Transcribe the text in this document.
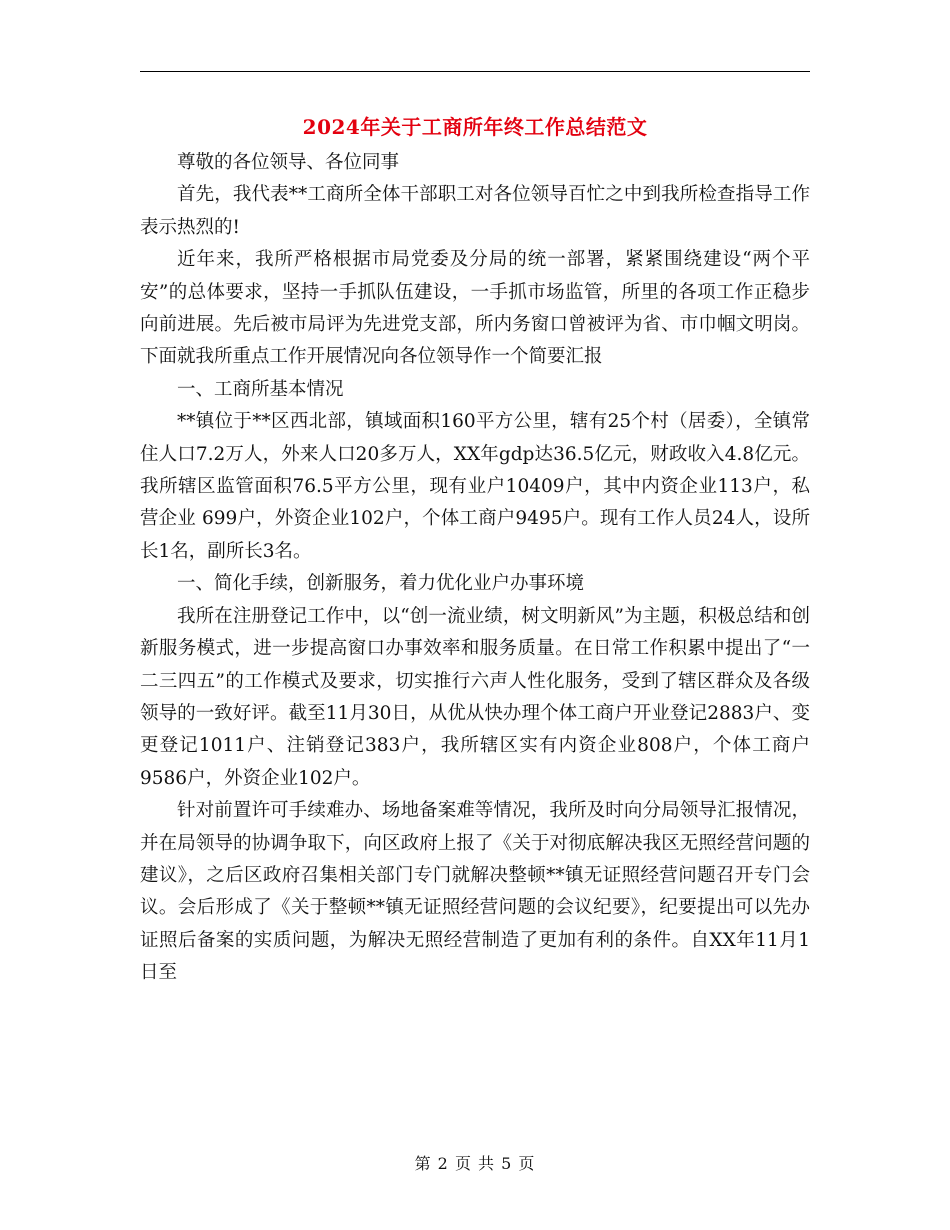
2024年关于工商所年终工作总结范文

尊敬的各位领导、各位同事

首先，我代表**工商所全体干部职工对各位领导百忙之中到我所检查指导工作表示热烈的!

近年来，我所严格根据市局党委及分局的统一部署，紧紧围绕建设“两个平安”的总体要求，坚持一手抓队伍建设，一手抓市场监管，所里的各项工作正稳步向前进展。先后被市局评为先进党支部，所内务窗口曾被评为省、市巾帼文明岗。下面就我所重点工作开展情况向各位领导作一个简要汇报

一、工商所基本情况

**镇位于**区西北部，镇域面积160平方公里，辖有25个村（居委），全镇常住人口7.2万人，外来人口20多万人，XX年gdp达36.5亿元，财政收入4.8亿元。我所辖区监管面积76.5平方公里，现有业户10409户，其中内资企业113户，私营企业 699户，外资企业102户，个体工商户9495户。现有工作人员24人，设所长1名，副所长3名。

一、简化手续，创新服务，着力优化业户办事环境

我所在注册登记工作中，以“创一流业绩，树文明新风”为主题，积极总结和创新服务模式，进一步提高窗口办事效率和服务质量。在日常工作积累中提出了“一二三四五”的工作模式及要求，切实推行六声人性化服务，受到了辖区群众及各级领导的一致好评。截至11月30日，从优从快办理个体工商户开业登记2883户、变更登记1011户、注销登记383户，我所辖区实有内资企业808户，个体工商户9586户，外资企业102户。

针对前置许可手续难办、场地备案难等情况，我所及时向分局领导汇报情况，并在局领导的协调争取下，向区政府上报了《关于对彻底解决我区无照经营问题的建议》，之后区政府召集相关部门专门就解决整顿**镇无证照经营问题召开专门会议。会后形成了《关于整顿**镇无证照经营问题的会议纪要》，纪要提出可以先办证照后备案的实质问题，为解决无照经营制造了更加有利的条件。自XX年11月1日至

第 2 页 共 5 页
